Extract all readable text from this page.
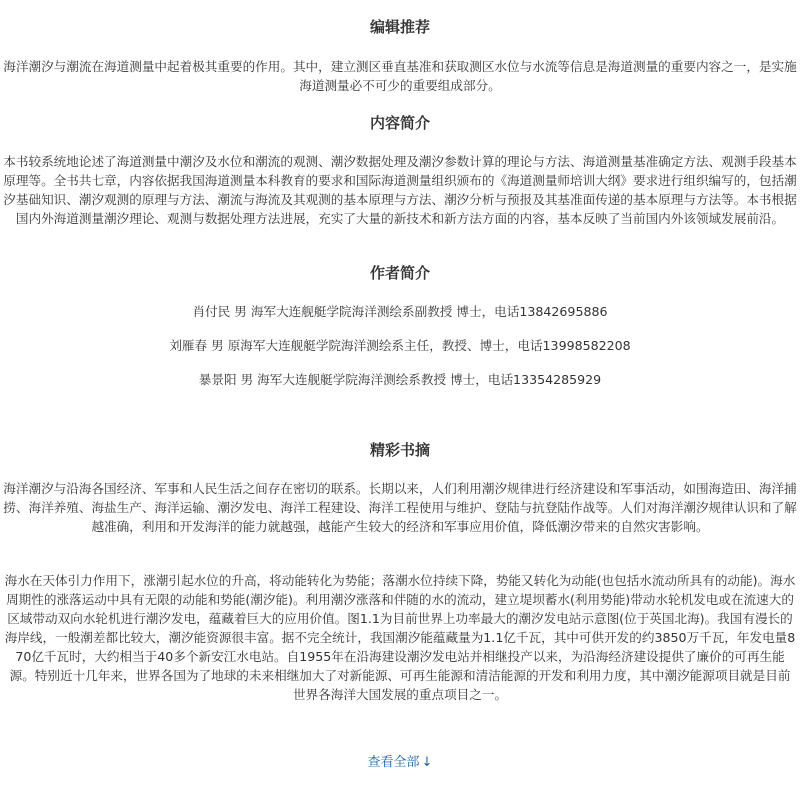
编辑推荐

海洋潮汐与潮流在海道测量中起着极其重要的作用。其中，建立测区垂直基准和获取测区水位与水流等信息是海道测量的重要内容之一，是实施海道测量必不可少的重要组成部分。

内容简介

本书较系统地论述了海道测量中潮汐及水位和潮流的观测、潮汐数据处理及潮汐参数计算的理论与方法、海道测量基准确定方法、观测手段基本原理等。全书共七章，内容依据我国海道测量本科教育的要求和国际海道测量组织颁布的《海道测量师培训大纲》要求进行组织编写的，包括潮汐基础知识、潮汐观测的原理与方法、潮流与海流及其观测的基本原理与方法、潮汐分析与预报及其基准面传递的基本原理与方法等。本书根据国内外海道测量潮汐理论、观测与数据处理方法进展，充实了大量的新技术和新方法方面的内容，基本反映了当前国内外该领域发展前沿。

作者简介

肖付民 男 海军大连舰艇学院海洋测绘系副教授 博士，电话13842695886

刘雁春 男 原海军大连舰艇学院海洋测绘系主任，教授、博士，电话13998582208

暴景阳 男 海军大连舰艇学院海洋测绘系教授 博士，电话13354285929

精彩书摘

海洋潮汐与沿海各国经济、军事和人民生活之间存在密切的联系。长期以来，人们利用潮汐规律进行经济建设和军事活动，如围海造田、海洋捕捞、海洋养殖、海盐生产、海洋运输、潮汐发电、海洋工程建设、海洋工程使用与维护、登陆与抗登陆作战等。人们对海洋潮汐规律认识和了解越准确，利用和开发海洋的能力就越强，越能产生较大的经济和军事应用价值，降低潮汐带来的自然灾害影响。

海水在天体引力作用下，涨潮引起水位的升高，将动能转化为势能；落潮水位持续下降，势能又转化为动能(也包括水流动所具有的动能)。海水周期性的涨落运动中具有无限的动能和势能(潮汐能)。利用潮汐涨落和伴随的水的流动，建立堤坝蓄水(利用势能)带动水轮机发电或在流速大的区域带动双向水轮机进行潮汐发电，蕴藏着巨大的应用价值。图1.1为目前世界上功率最大的潮汐发电站示意图(位于英国北海)。我国有漫长的海岸线，一般潮差都比较大，潮汐能资源很丰富。据不完全统计，我国潮汐能蕴藏量为1.1亿千瓦，其中可供开发的约3850万千瓦，年发电量870亿千瓦时，大约相当于40多个新安江水电站。自1955年在沿海建设潮汐发电站并相继投产以来，为沿海经济建设提供了廉价的可再生能源。特别近十几年来，世界各国为了地球的未来相继加大了对新能源、可再生能源和清洁能源的开发和利用力度，其中潮汐能源项目就是目前世界各海洋大国发展的重点项目之一。

查看全部 ↓
